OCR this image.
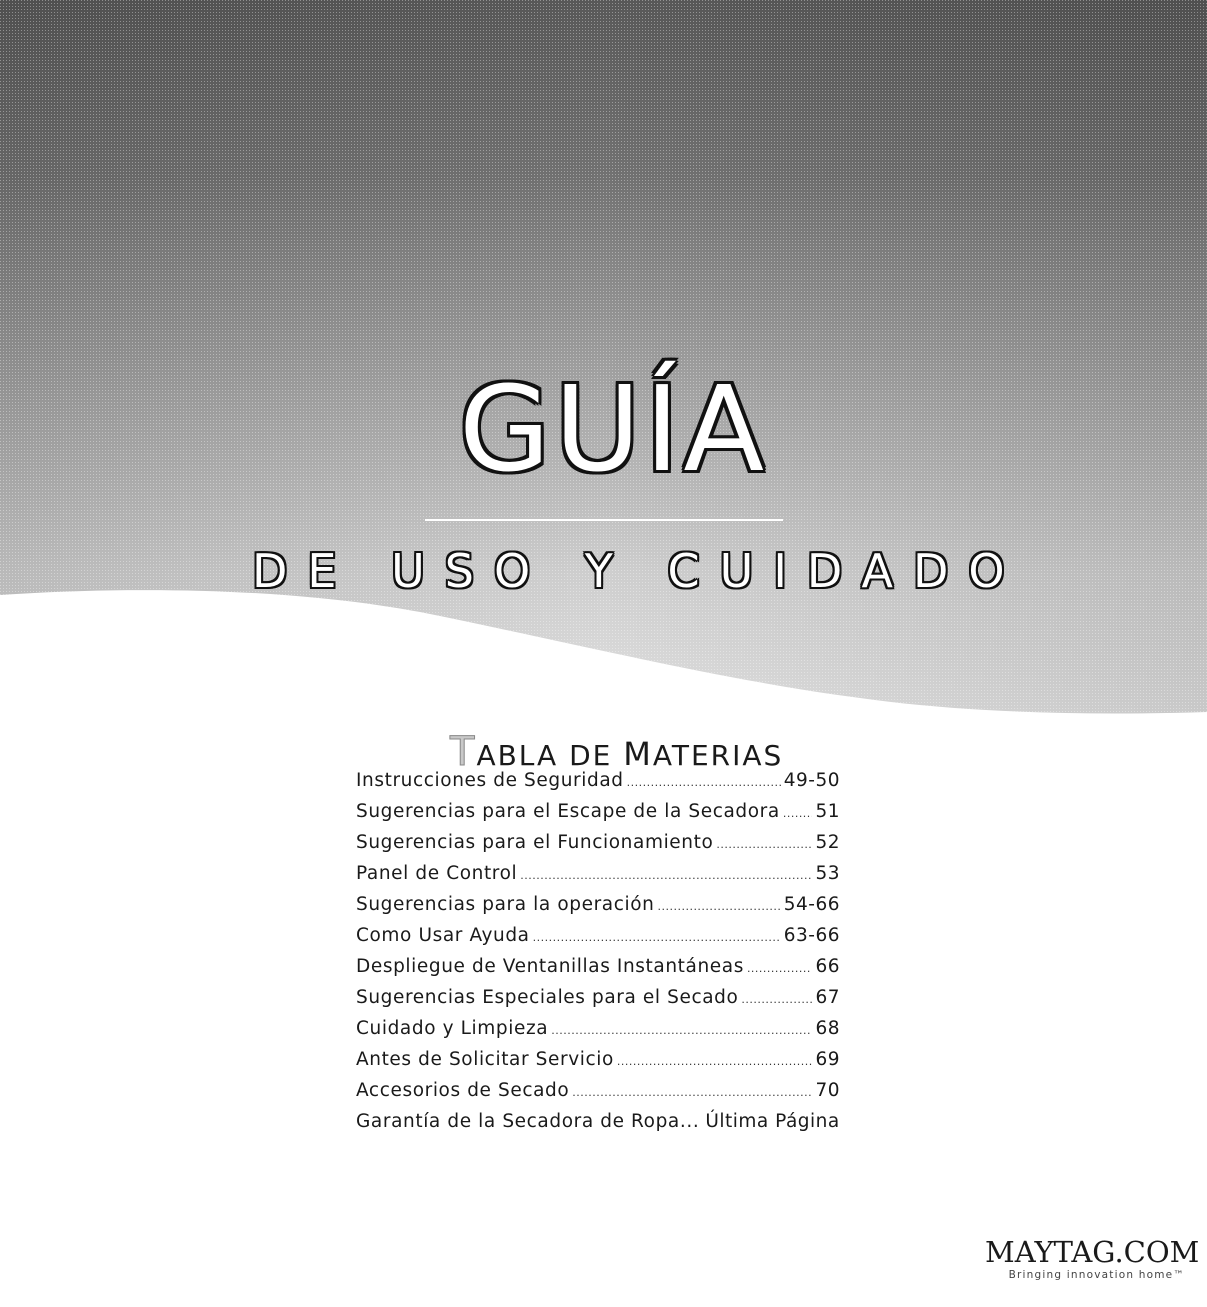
GUÍA
DE USO Y CUIDADO
TABLA DE MATERIAS
Instrucciones de Seguridad .....	49-50
Sugerencias para el Escape de la Secadora ..... 51
Sugerencias para el Funcionamiento .....	52
Panel de Control .....	53
Sugerencias para la operación .....	54-66
Como Usar Ayuda .....	63-66
Despliegue de Ventanillas Instantáneas .....	66
Sugerencias Especiales para el Secado .....	67
Cuidado y Limpieza .....	68
Antes de Solicitar Servicio .....	69
Accesorios de Secado .....	70
Garantía de la Secadora de Ropa... Última Página
MAYTAG.COM
Bringing innovation home™
